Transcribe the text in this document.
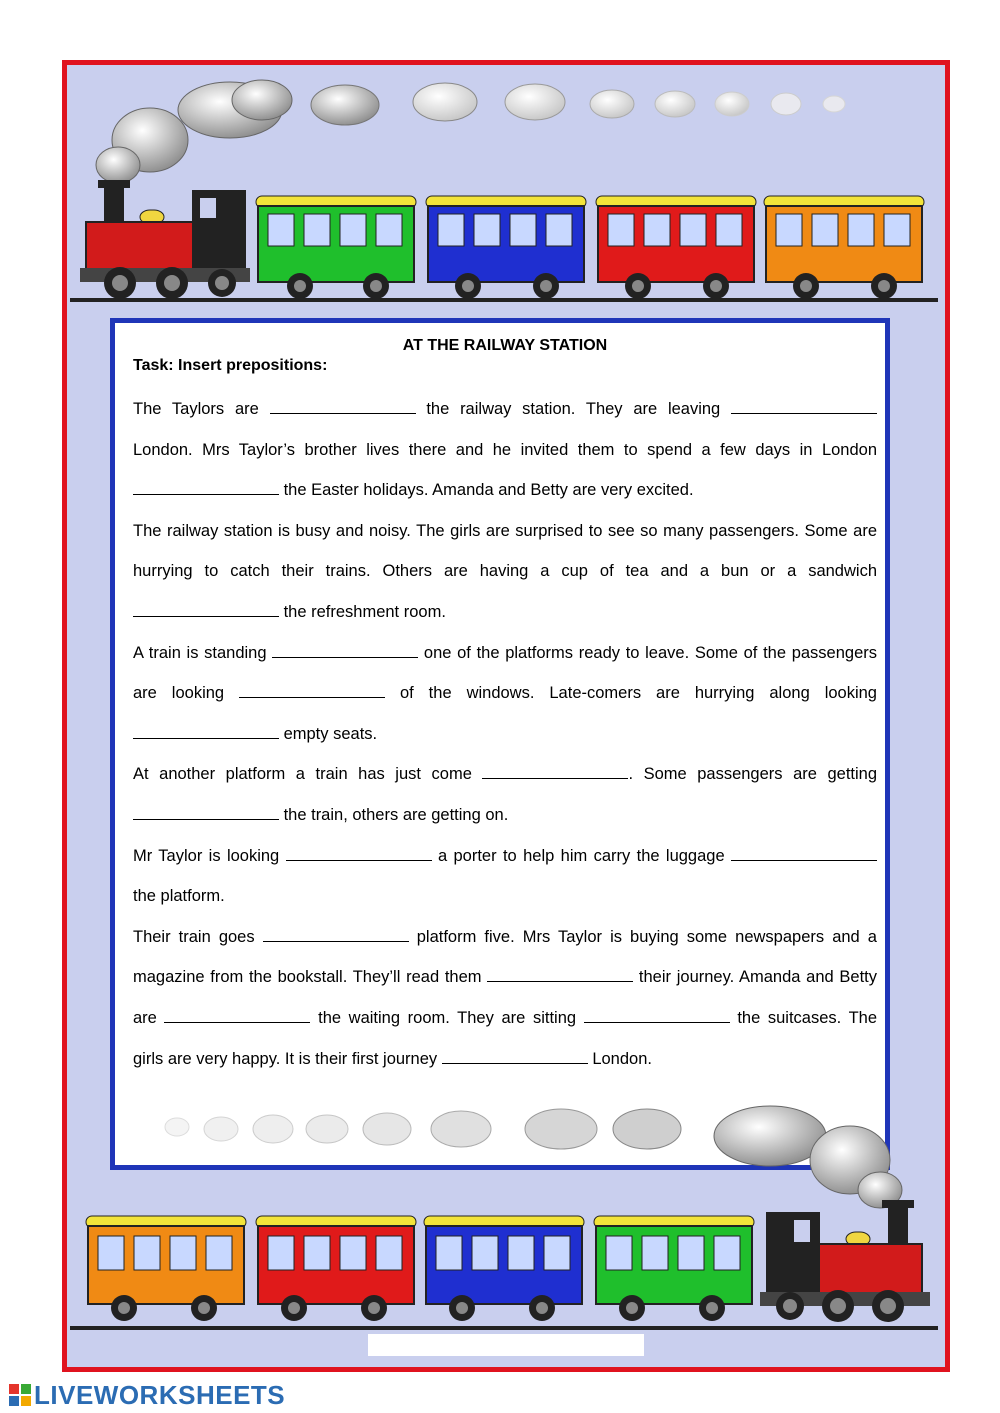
AT THE RAILWAY STATION
Task: Insert prepositions:

The Taylors are	the railway station. They are leaving  London. Mrs Taylor’s brother lives there and he invited them to spend a few days in London  the Easter holidays. Amanda and Betty are very excited.

The railway station is busy and noisy. The girls are surprised to see so many passengers. Some are hurrying to catch their trains. Others are having a cup of tea and a bun or a sandwich  the refreshment room.

A train is standing	one of the platforms ready to leave. Some of the passengers are looking	of the windows. Late-comers are hurrying along looking  empty seats.

At another platform a train has just come	. Some passengers are getting  the train, others are getting on.

Mr Taylor is looking	a porter to help him carry the luggage  the platform.

Their train goes	platform five. Mrs Taylor is buying some newspapers and a magazine from the bookstall. They’ll read them	their journey. Amanda and Betty are	the waiting room. They are sitting	the suitcases. The girls are very happy. It is their first journey	London.

LIVEWORKSHEETS
